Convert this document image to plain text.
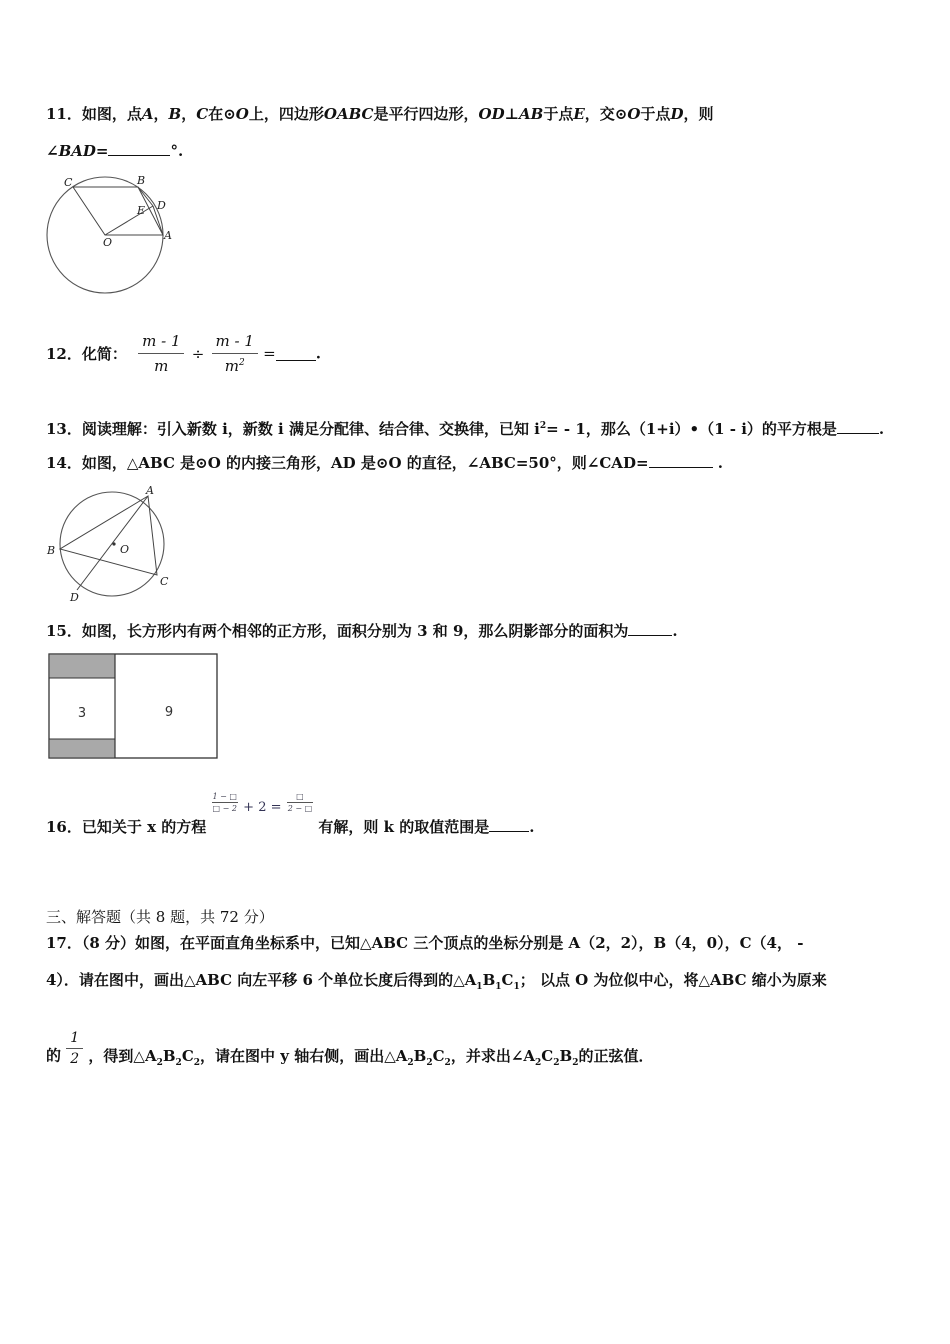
11．如图，点A，B，C在⊙O上，四边形OABC是平行四边形，OD⊥AB于点E，交⊙O于点D，则
∠BAD=	°.
C	B
E D
O
A
12．化简： $\frac{m - 1}{m} \div \frac{m - 1}{m^2}$ =	.
13．阅读理解：引入新数 i，新数 i 满足分配律、结合律、交换律，已知 $i^2= - 1$，那么（1+i）•（1 - i）的平方根是	.
14．如图，△ABC 是⊙O 的内接三角形，AD 是⊙O 的直径，∠ABC=50°，则∠CAD=	.
A
B	O
C
D
15．如图，长方形内有两个相邻的正方形，面积分别为 3 和 9，那么阴影部分的面积为	.
3	9
16．已知关于 x 的方程
$\frac{1 - □}{□ - 2} + 2 = \frac{□}{2 - □}$
有解，则 k 的取值范围是	.
三、解答题（共 8 题，共 72 分）
17．（8 分）如图，在平面直角坐标系中，已知△ABC 三个顶点的坐标分别是 A（2，2），B（4，0），C（4， -
4）．请在图中，画出△ABC 向左平移 6 个单位长度后得到的$\triangle A_1B_1C_1$； 以点 O 为位似中心，将△ABC 缩小为原来
的 $\frac{1}{2}$ ，得到$\triangle A_2B_2C_2$，请在图中 y 轴右侧，画出$\triangle A_2B_2C_2$，并求出$\angle A_2C_2B_2$的正弦值．
